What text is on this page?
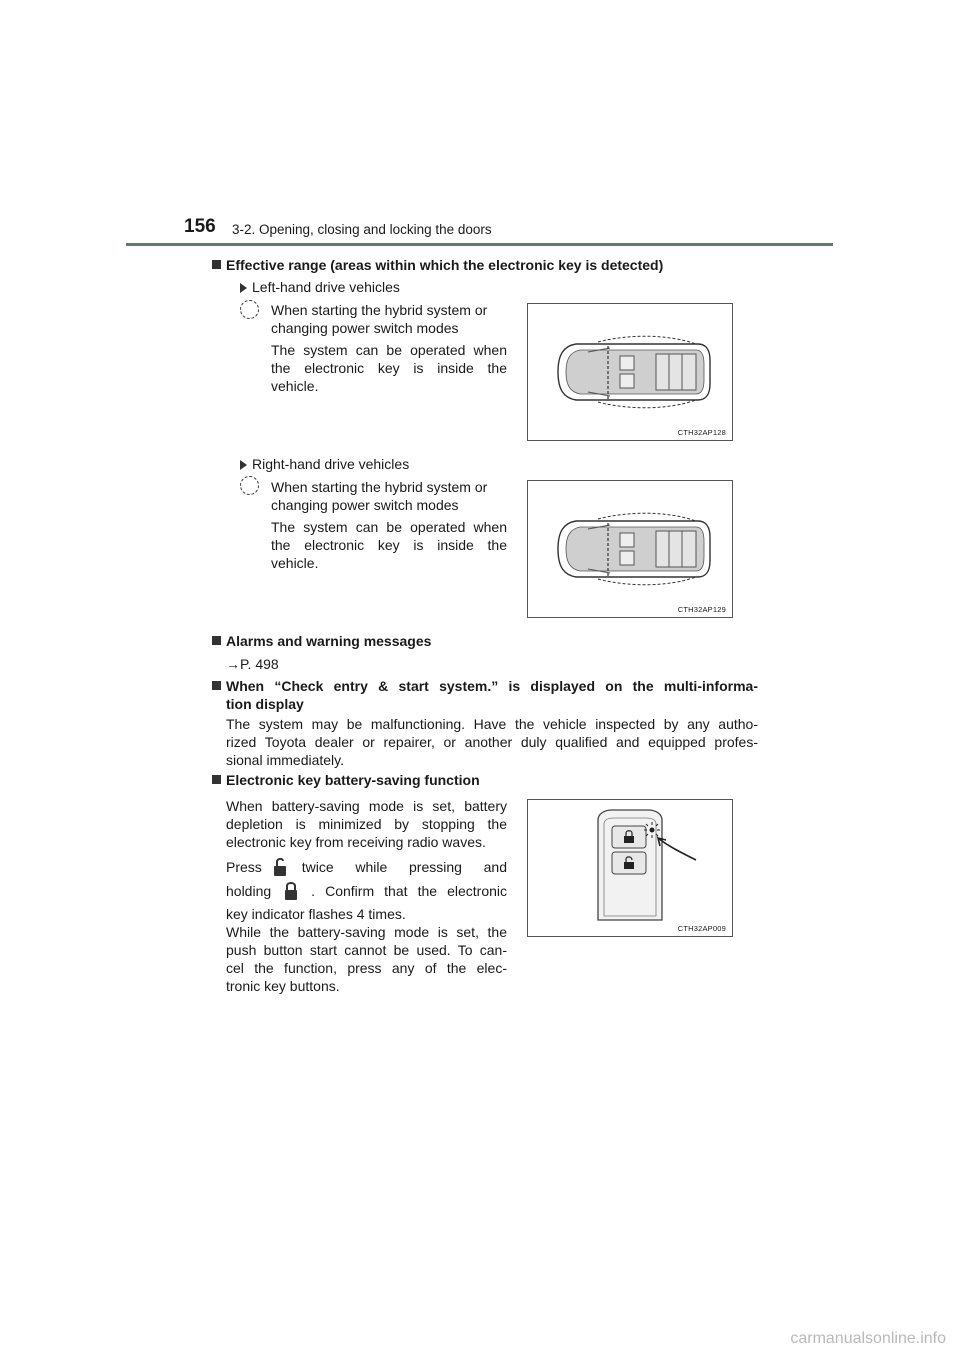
156 3-2. Opening, closing and locking the doors
Effective range (areas within which the electronic key is detected)
Left-hand drive vehicles
When starting the hybrid system or
changing power switch modes
The system can be operated when
the electronic key is inside the
vehicle.
CTH32AP128
Right-hand drive vehicles
When starting the hybrid system or
changing power switch modes
The system can be operated when
the electronic key is inside the
vehicle.
CTH32AP129
Alarms and warning messages
→P. 498
When “Check entry & start system.” is displayed on the multi-informa-
tion display
The system may be malfunctioning. Have the vehicle inspected by any autho-
rized Toyota dealer or repairer, or another duly qualified and equipped profes-
sional immediately.
Electronic key battery-saving function
When battery-saving mode is set, battery
depletion is minimized by stopping the
electronic key from receiving radio waves.
Press	twice while pressing and
holding	. Confirm that the electronic
key indicator flashes 4 times.
While the battery-saving mode is set, the
push button start cannot be used. To can-
cel the function, press any of the elec-
tronic key buttons.
CTH32AP009
carmanualsonline.info
